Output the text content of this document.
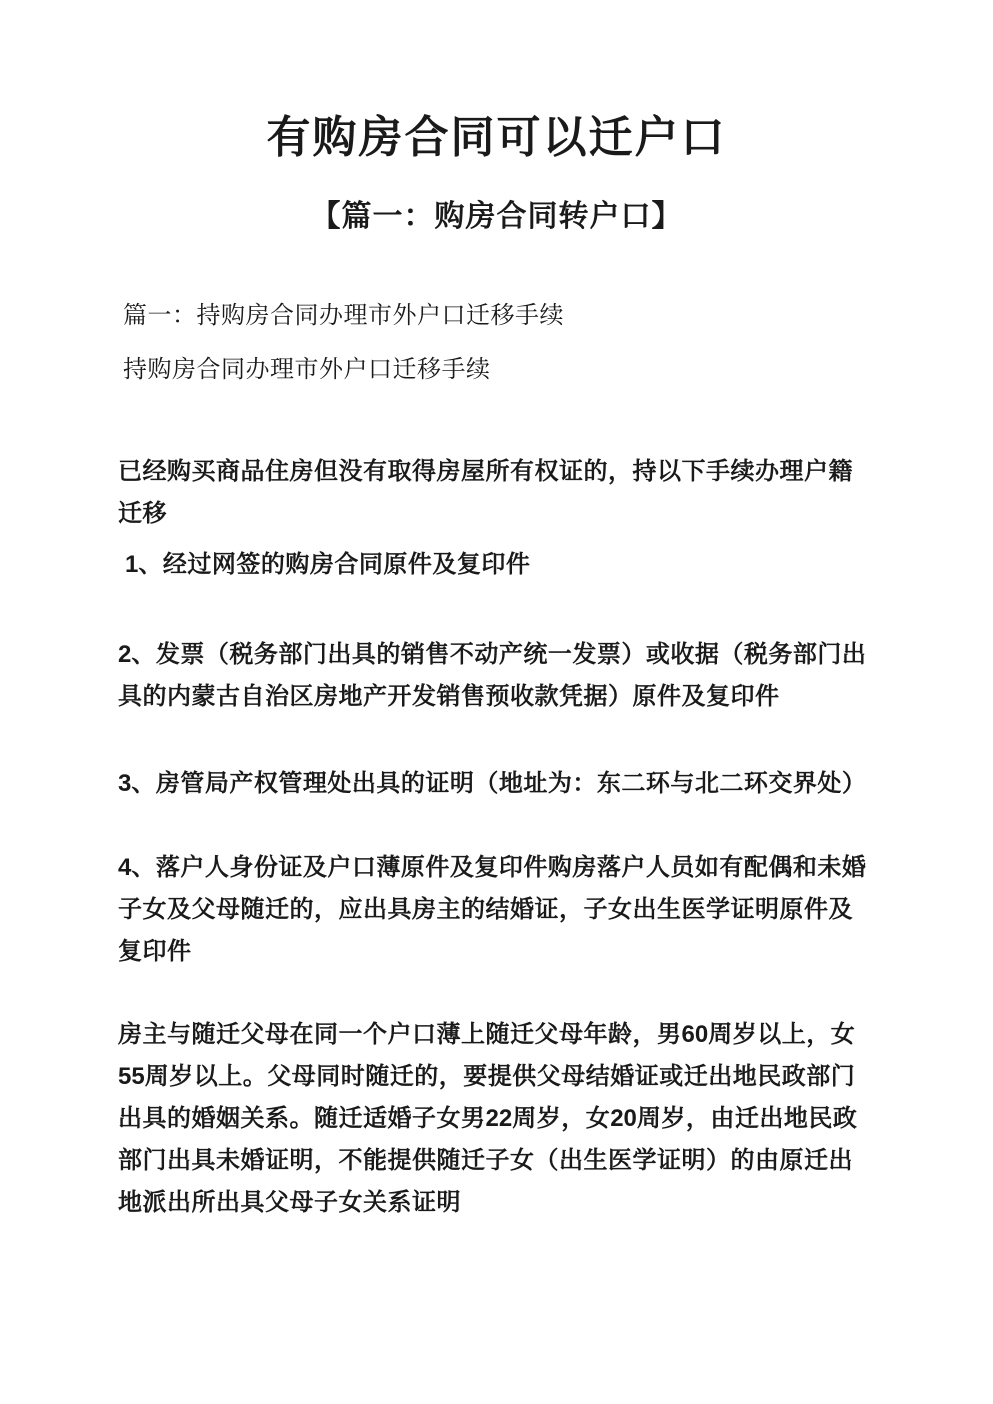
有购房合同可以迁户口
【篇一：购房合同转户口】

篇一：持购房合同办理市外户口迁移手续

持购房合同办理市外户口迁移手续

已经购买商品住房但没有取得房屋所有权证的，持以下手续办理户籍迁移

1、经过网签的购房合同原件及复印件

2、发票（税务部门出具的销售不动产统一发票）或收据（税务部门出具的内蒙古自治区房地产开发销售预收款凭据）原件及复印件

3、房管局产权管理处出具的证明（地址为：东二环与北二环交界处）

4、落户人身份证及户口薄原件及复印件购房落户人员如有配偶和未婚子女及父母随迁的，应出具房主的结婚证，子女出生医学证明原件及复印件

房主与随迁父母在同一个户口薄上随迁父母年龄，男60周岁以上，女55周岁以上。父母同时随迁的，要提供父母结婚证或迁出地民政部门出具的婚姻关系。随迁适婚子女男22周岁，女20周岁，由迁出地民政部门出具未婚证明，不能提供随迁子女（出生医学证明）的由原迁出地派出所出具父母子女关系证明
